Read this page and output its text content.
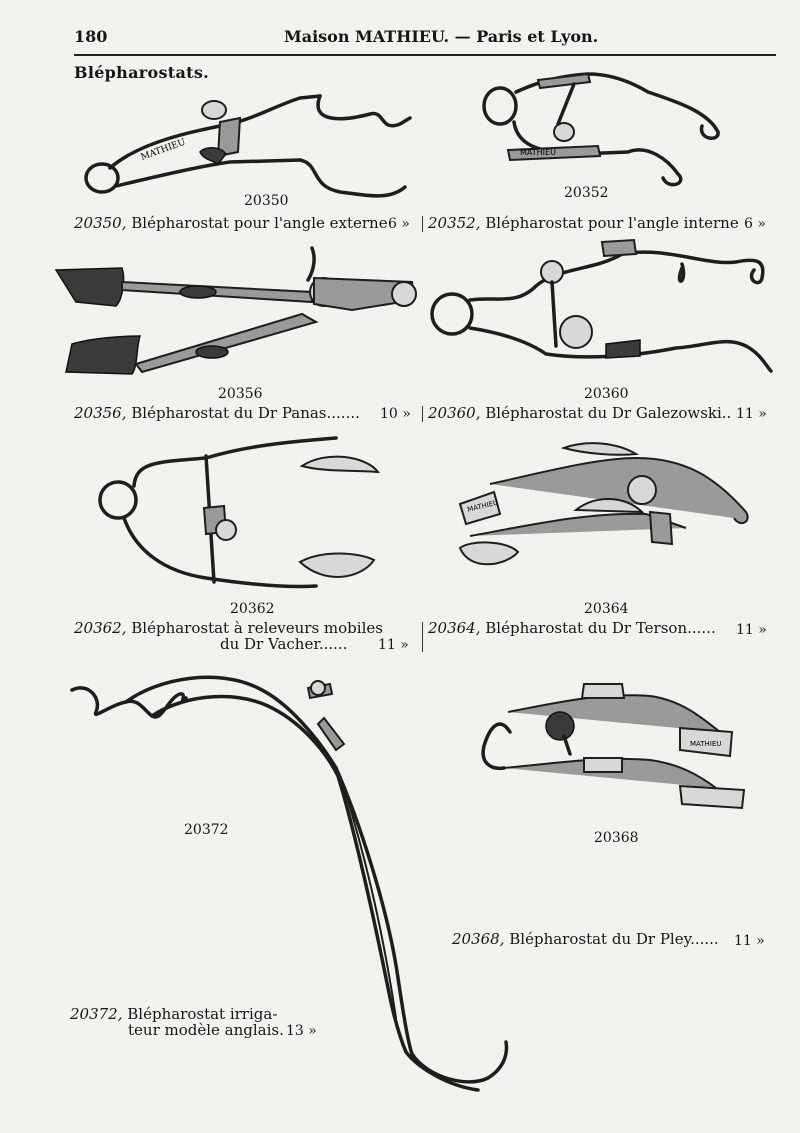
180	Maison MATHIEU. — Paris et Lyon.
Blépharostats.
MATHIEU	MATHIEU
20350	20352
20350, Blépharostat pour l'angle externe 6 » 20352, Blépharostat pour l'angle interne 6 »
20356	20360
20356, Blépharostat du Dr Panas....... 10 » 20360, Blépharostat du Dr Galezowski.. 11 »
MATHIEU
20362	20364
20362, Blépharostat à releveurs mobiles
du Dr Vacher...... 11 »
20364, Blépharostat du Dr Terson...... 11 »
MATHIEU
20372	20368
20368, Blépharostat du Dr Pley...... 11 »
20372, Blépharostat irriga-
teur modèle anglais. 13 »
